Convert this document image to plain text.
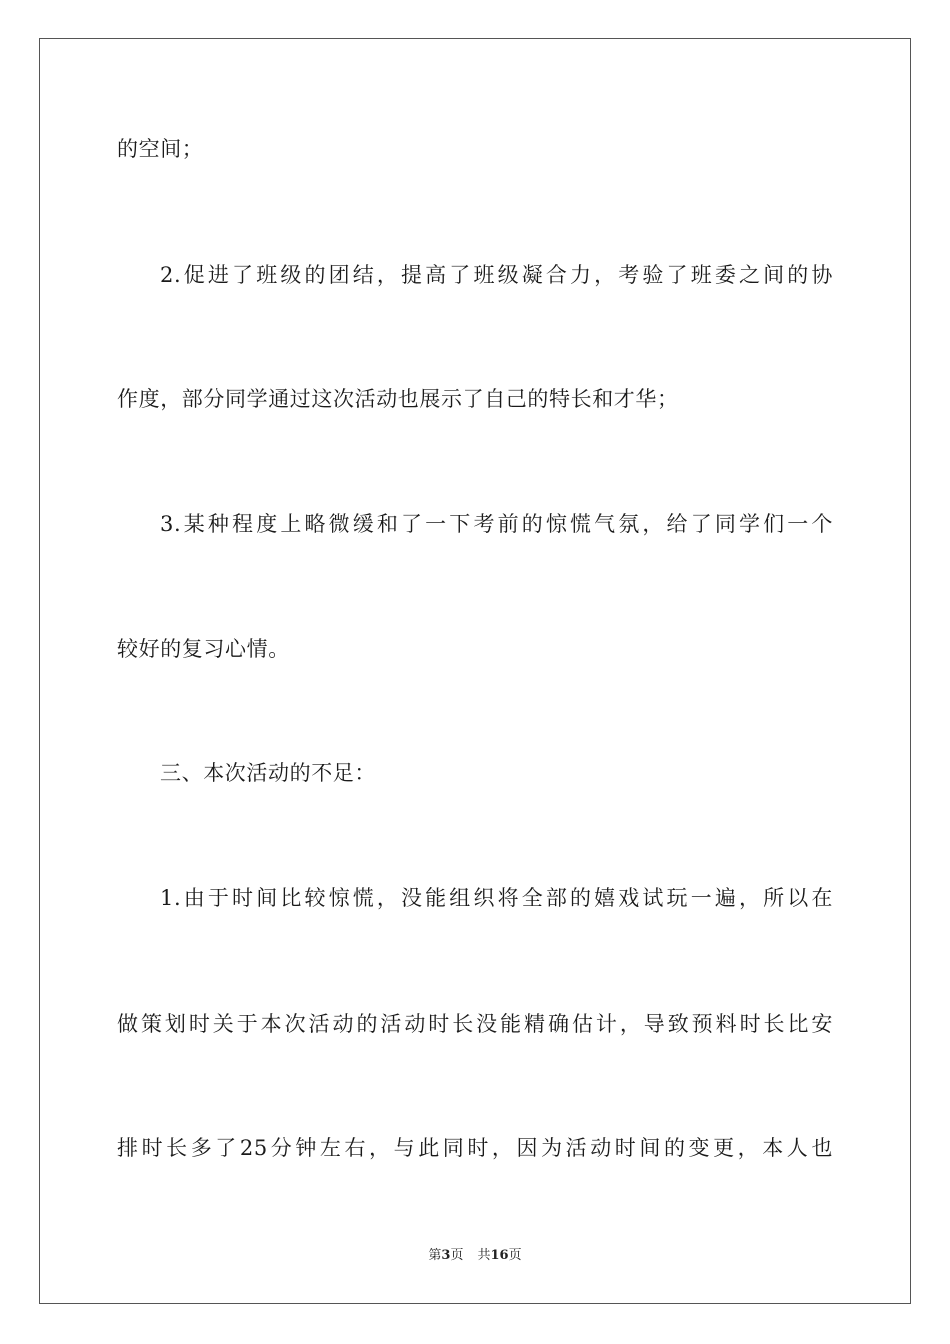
的空间；
2.促进了班级的团结，提高了班级凝合力，考验了班委之间的协
作度，部分同学通过这次活动也展示了自己的特长和才华；
3.某种程度上略微缓和了一下考前的惊慌气氛，给了同学们一个
较好的复习心情。
三、本次活动的不足：
1.由于时间比较惊慌，没能组织将全部的嬉戏试玩一遍，所以在
做策划时关于本次活动的活动时长没能精确估计，导致预料时长比安
排时长多了25分钟左右，与此同时，因为活动时间的变更，本人也
第3页 共16页
